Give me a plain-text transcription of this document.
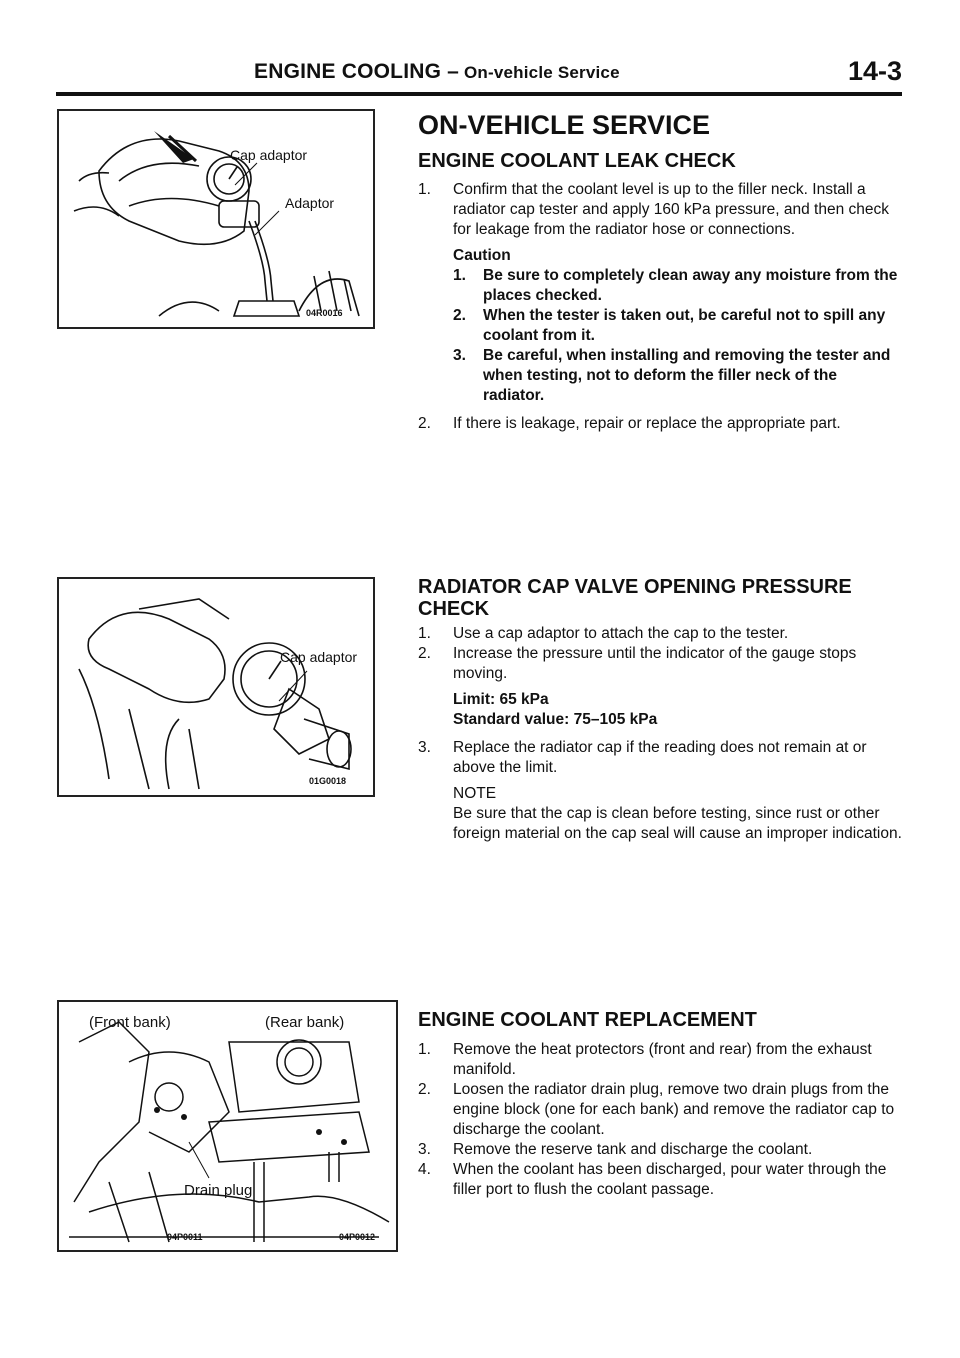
ENGINE COOLING – On-vehicle Service	14-3
Cap adaptor
Adaptor
04R0016
Cap adaptor
01G0018
(Front bank)	(Rear bank)
Drain plug
04P0011	04P0012
ON-VEHICLE SERVICE
ENGINE COOLANT LEAK CHECK
1. Confirm that the coolant level is up to the filler neck. Install a radiator cap tester and apply 160 kPa pressure, and then check for leakage from the radiator hose or connections.
Caution
1. Be sure to completely clean away any moisture from the places checked.
2. When the tester is taken out, be careful not to spill any coolant from it.
3. Be careful, when installing and removing the tester and when testing, not to deform the filler neck of the radiator.
2. If there is leakage, repair or replace the appropriate part.
RADIATOR CAP VALVE OPENING PRESSURE CHECK
1. Use a cap adaptor to attach the cap to the tester.
2. Increase the pressure until the indicator of the gauge stops moving.
Limit: 65 kPa
Standard value: 75–105 kPa
3. Replace the radiator cap if the reading does not remain at or above the limit.
NOTE
Be sure that the cap is clean before testing, since rust or other foreign material on the cap seal will cause an improper indication.
ENGINE COOLANT REPLACEMENT
1. Remove the heat protectors (front and rear) from the exhaust manifold.
2. Loosen the radiator drain plug, remove two drain plugs from the engine block (one for each bank) and remove the radiator cap to discharge the coolant.
3. Remove the reserve tank and discharge the coolant.
4. When the coolant has been discharged, pour water through the filler port to flush the coolant passage.
